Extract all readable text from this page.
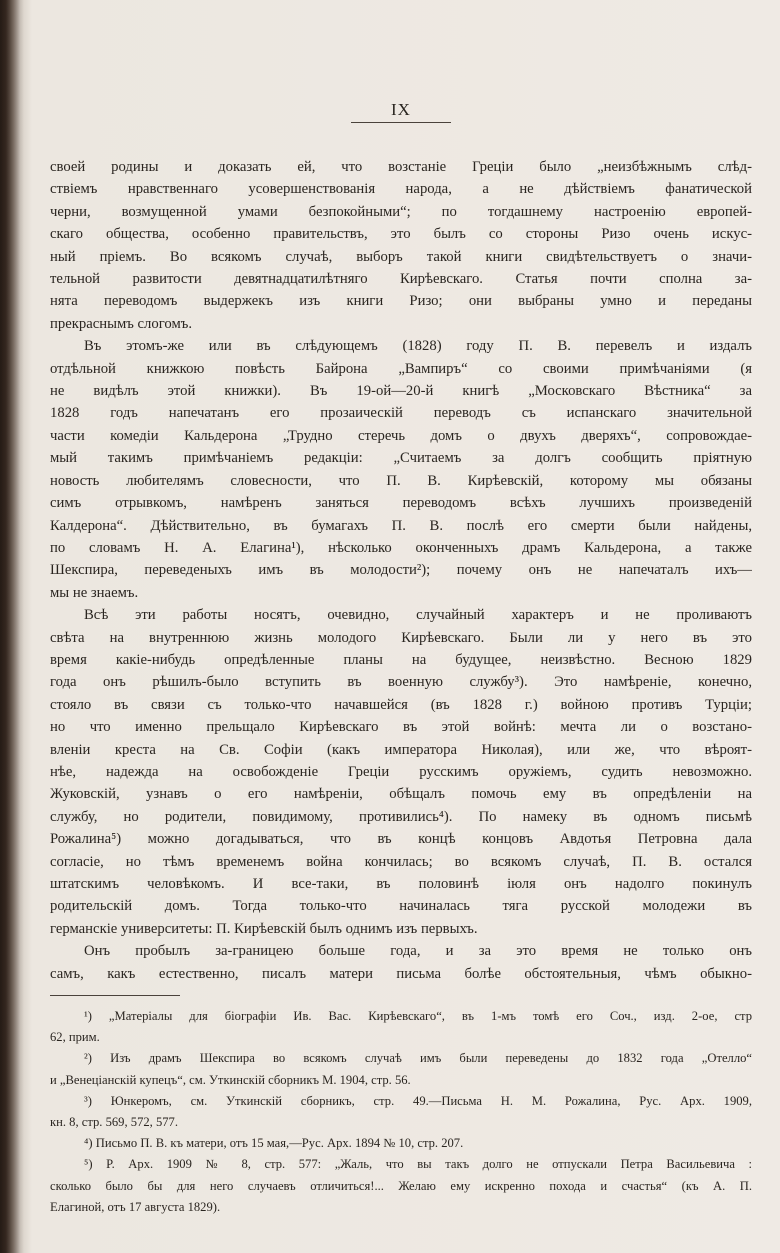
IX
своей родины и доказать ей, что возстаніе Греціи было „неизбѣжнымъ слѣд-
ствіемъ нравственнаго усовершенствованія народа, а не дѣйствіемъ фанатической
черни, возмущенной умами безпокойными“; по тогдашнему настроенію европей-
скаго общества, особенно правительствъ, это былъ со стороны Ризо очень искус-
ный пріемъ. Во всякомъ случаѣ, выборъ такой книги свидѣтельствуетъ о значи-
тельной развитости девятнадцатилѣтняго Кирѣевскаго. Статья почти сполна за-
нята переводомъ выдержекъ изъ книги Ризо; они выбраны умно и переданы
прекраснымъ слогомъ.
Въ этомъ-же или въ слѣдующемъ (1828) году П. В. перевелъ и издалъ
отдѣльной книжкою повѣсть Байрона „Вампиръ“ со своими примѣчаніями (я
не видѣлъ этой книжки). Въ 19-ой—20-й книгѣ „Московскаго Вѣстника“ за
1828 годъ напечатанъ его прозаическій переводъ съ испанскаго значительной
части комедіи Кальдерона „Трудно стеречь домъ о двухъ дверяхъ“, сопровождае-
мый такимъ примѣчаніемъ редакціи: „Считаемъ за долгъ сообщить пріятную
новость любителямъ словесности, что П. В. Кирѣевскій, которому мы обязаны
симъ отрывкомъ, намѣренъ заняться переводомъ всѣхъ лучшихъ произведеній
Калдерона“. Дѣйствительно, въ бумагахъ П. В. послѣ его смерти были найдены,
по словамъ Н. А. Елагина¹), нѣсколько оконченныхъ драмъ Кальдерона, а также
Шекспира, переведеныхъ имъ въ молодости²); почему онъ не напечаталъ ихъ—
мы не знаемъ.
Всѣ эти работы носятъ, очевидно, случайный характеръ и не проливаютъ
свѣта на внутреннюю жизнь молодого Кирѣевскаго. Были ли у него въ это
время какіе-нибудь опредѣленные планы на будущее, неизвѣстно. Весною 1829
года онъ рѣшилъ-было вступить въ военную службу³). Это намѣреніе, конечно,
стояло въ связи съ только-что начавшейся (въ 1828 г.) войною противъ Турціи;
но что именно прельщало Кирѣевскаго въ этой войнѣ: мечта ли о возстано-
вленіи креста на Св. Софіи (какъ императора Николая), или же, что вѣроят-
нѣе, надежда на освобожденіе Греціи русскимъ оружіемъ, судить невозможно.
Жуковскій, узнавъ о его намѣреніи, обѣщалъ помочь ему въ опредѣленіи на
службу, но родители, повидимому, противились⁴). По намеку въ одномъ письмѣ
Рожалина⁵) можно догадываться, что въ концѣ концовъ Авдотья Петровна дала
согласіе, но тѣмъ временемъ война кончилась; во всякомъ случаѣ, П. В. остался
штатскимъ человѣкомъ. И все-таки, въ половинѣ іюля онъ надолго покинулъ
родительскій домъ. Тогда только-что начиналась тяга русской молодежи въ
германскіе университеты: П. Кирѣевскій былъ однимъ изъ первыхъ.
Онъ пробылъ за-границею больше года, и за это время не только онъ
самъ, какъ естественно, писалъ матери письма болѣе обстоятельныя, чѣмъ обыкно-
¹) „Матеріалы для біографіи Ив. Вас. Кирѣевскаго“, въ 1-мъ томѣ его Соч., изд. 2-ое, стр
62, прим.
²) Изъ драмъ Шекспира во всякомъ случаѣ имъ были переведены до 1832 года „Отелло“
и „Венеціанскій купецъ“, см. Уткинскій сборникъ М. 1904, стр. 56.
³) Юнкеромъ, см. Уткинскій сборникъ, стр. 49.—Письма Н. М. Рожалина, Рус. Арх. 1909,
кн. 8, стр. 569, 572, 577.
⁴) Письмо П. В. къ матери, отъ 15 мая,—Рус. Арх. 1894 № 10, стр. 207.
⁵) Р. Арх. 1909 № 8, стр. 577: „Жаль, что вы такъ долго не отпускали Петра Васильевича :
сколько было бы для него случаевъ отличиться!... Желаю ему искренно похода и счастья“ (къ А. П.
Елагиной, отъ 17 августа 1829).
